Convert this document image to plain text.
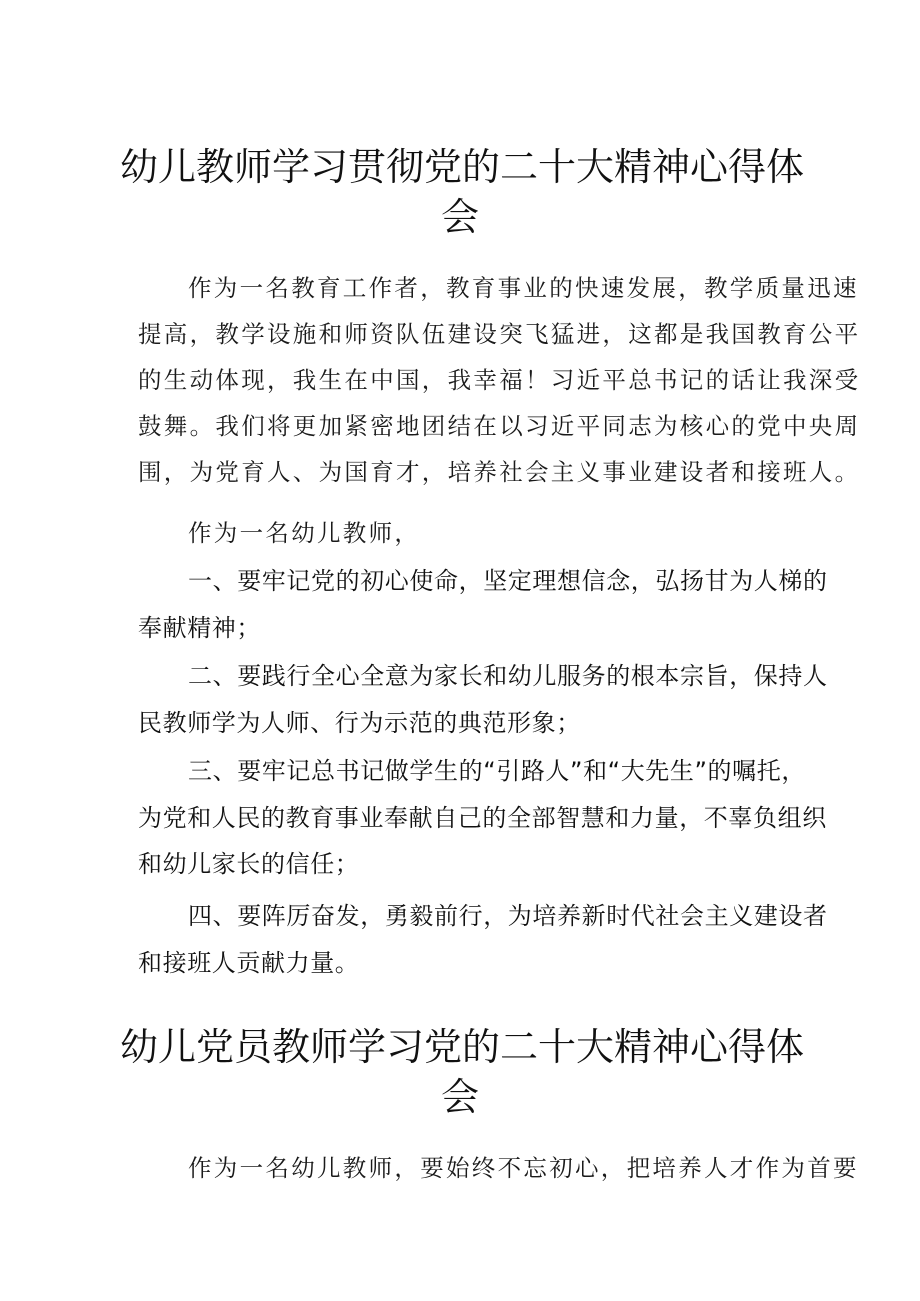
幼儿教师学习贯彻党的二十大精神心得体
会
作为一名教育工作者，教育事业的快速发展，教学质量迅速
提高，教学设施和师资队伍建设突飞猛进，这都是我国教育公平
的生动体现，我生在中国，我幸福！习近平总书记的话让我深受
鼓舞。我们将更加紧密地团结在以习近平同志为核心的党中央周
围，为党育人、为国育才，培养社会主义事业建设者和接班人。
作为一名幼儿教师，
一、要牢记党的初心使命，坚定理想信念，弘扬甘为人梯的
奉献精神；
二、要践行全心全意为家长和幼儿服务的根本宗旨，保持人
民教师学为人师、行为示范的典范形象；
三、要牢记总书记做学生的“引路人”和“大先生”的嘱托，
为党和人民的教育事业奉献自己的全部智慧和力量，不辜负组织
和幼儿家长的信任；
四、要阵厉奋发，勇毅前行，为培养新时代社会主义建设者
和接班人贡献力量。
幼儿党员教师学习党的二十大精神心得体
会
作为一名幼儿教师，要始终不忘初心，把培养人才作为首要
